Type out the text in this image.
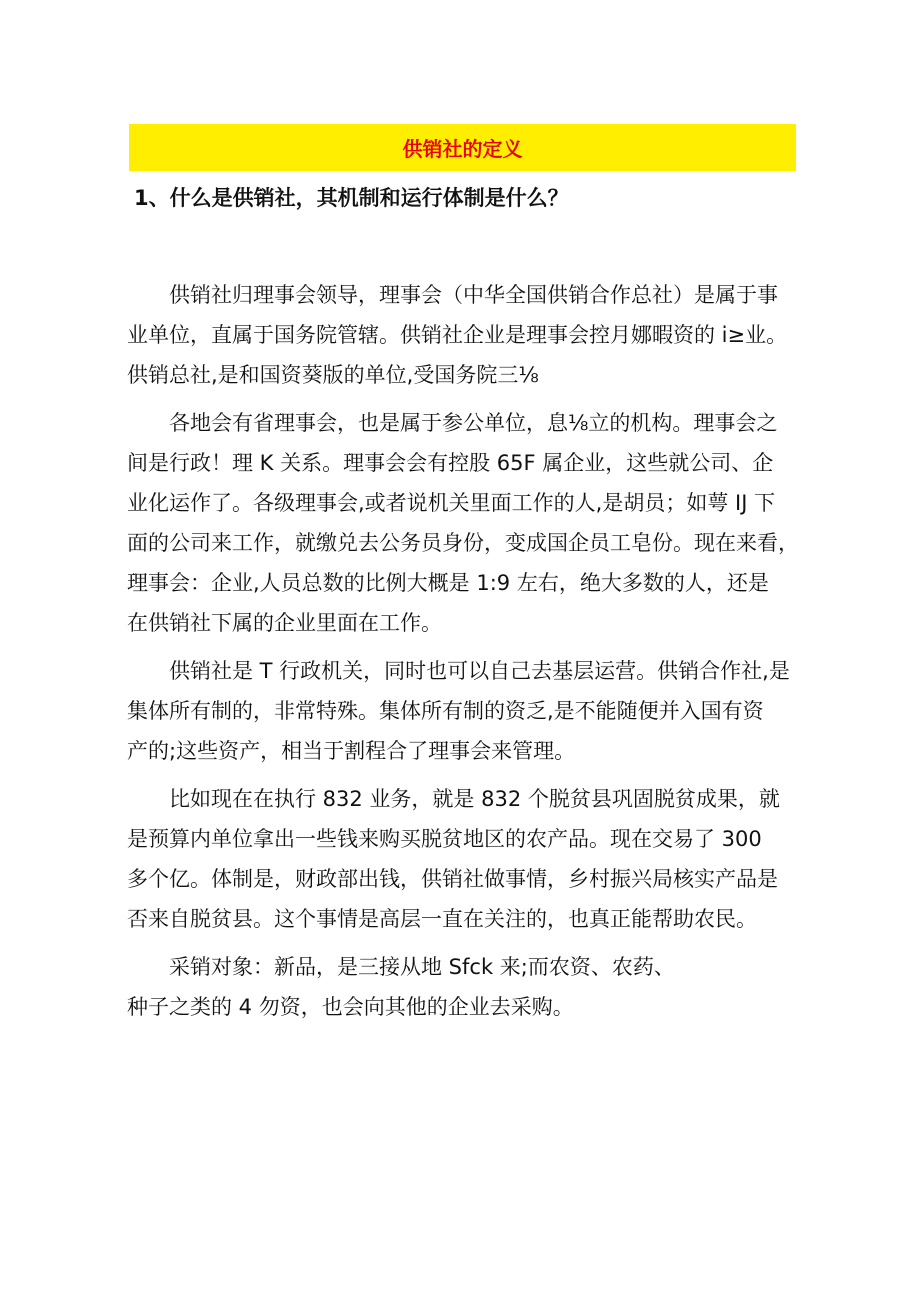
供销社的定义
1、什么是供销社，其机制和运行体制是什么？

供销社归理事会领导，理事会（中华全国供销合作总社）是属于事
业单位，直属于国务院管辖。供销社企业是理事会控月娜暇资的 i≥业。
供销总社,是和国资葵版的单位,受国务院三⅛

各地会有省理事会，也是属于参公单位，息⅛立的机构。理事会之
间是行政！理 K 关系。理事会会有控股 65F 属企业，这些就公司、企
业化运作了。各级理事会,或者说机关里面工作的人,是胡员；如萼 IJ 下
面的公司来工作，就缴兑去公务员身份，变成国企员工皂份。现在来看，
理事会：企业,人员总数的比例大概是 1:9 左右，绝大多数的人，还是
在供销社下属的企业里面在工作。

供销社是 T 行政机关，同时也可以自己去基层运营。供销合作社,是
集体所有制的，非常特殊。集体所有制的资乏,是不能随便并入国有资
产的;这些资产，相当于割程合了理事会来管理。

比如现在在执行 832 业务，就是 832 个脱贫县巩固脱贫成果，就
是预算内单位拿出一些钱来购买脱贫地区的农产品。现在交易了 300
多个亿。体制是，财政部出钱，供销社做事情，乡村振兴局核实产品是
否来自脱贫县。这个事情是高层一直在关注的，也真正能帮助农民。

采销对象：新品，是三接从地 Sfck 来;而农资、农药、
种子之类的 4 勿资，也会向其他的企业去采购。
